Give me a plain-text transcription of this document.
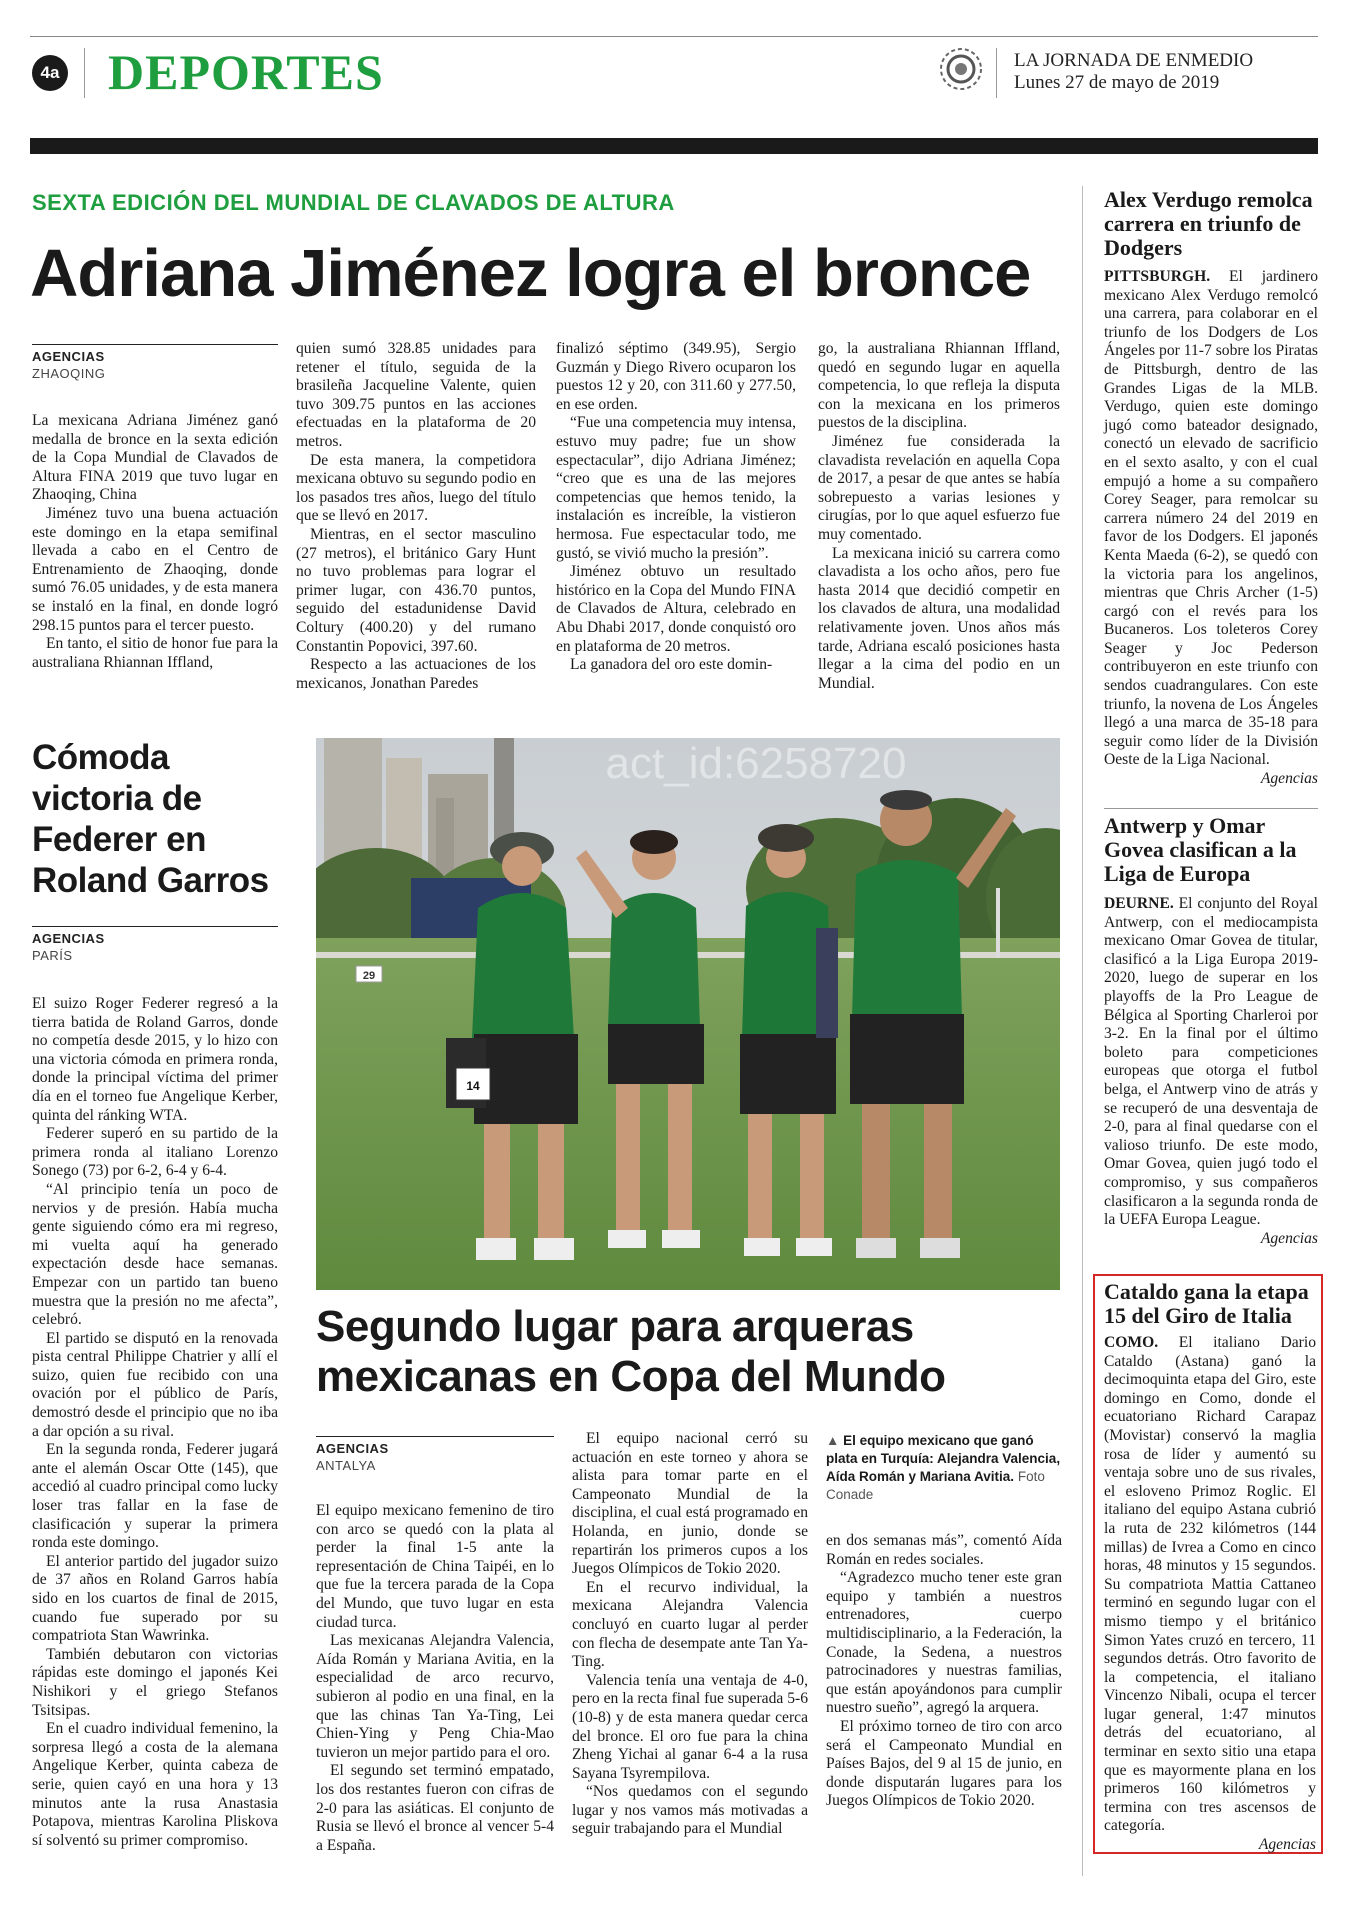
4a DEPORTES	LA JORNADA DE ENMEDIO
Lunes 27 de mayo de 2019
SEXTA EDICIÓN DEL MUNDIAL DE CLAVADOS DE ALTURA
Adriana Jiménez logra el bronce
AGENCIAS
ZHAOQING

La mexicana Adriana Jiménez ganó medalla de bronce en la sexta edición de la Copa Mundial de Clavados de Altura FINA 2019 que tuvo lugar en Zhaoqing, China

Jiménez tuvo una buena actuación este domingo en la etapa semifinal llevada a cabo en el Centro de Entrenamiento de Zhaoqing, donde sumó 76.05 unidades, y de esta manera se instaló en la final, en donde logró 298.15 puntos para el tercer puesto.

En tanto, el sitio de honor fue para la australiana Rhiannan Iffland,

quien sumó 328.85 unidades para retener el título, seguida de la brasileña Jacqueline Valente, quien tuvo 309.75 puntos en las acciones efectuadas en la plataforma de 20 metros.

De esta manera, la competidora mexicana obtuvo su segundo podio en los pasados tres años, luego del título que se llevó en 2017.

Mientras, en el sector masculino (27 metros), el británico Gary Hunt no tuvo problemas para lograr el primer lugar, con 436.70 puntos, seguido del estadunidense David Coltury (400.20) y del rumano Constantin Popovici, 397.60.

Respecto a las actuaciones de los mexicanos, Jonathan Paredes

finalizó séptimo (349.95), Sergio Guzmán y Diego Rivero ocuparon los puestos 12 y 20, con 311.60 y 277.50, en ese orden.

“Fue una competencia muy intensa, estuvo muy padre; fue un show espectacular”, dijo Adriana Jiménez; “creo que es una de las mejores competencias que hemos tenido, la instalación es increíble, la vistieron hermosa. Fue espectacular todo, me gustó, se vivió mucho la presión”.

Jiménez obtuvo un resultado histórico en la Copa del Mundo FINA de Clavados de Altura, celebrado en Abu Dhabi 2017, donde conquistó oro en plataforma de 20 metros.

La ganadora del oro este domin-

go, la australiana Rhiannan Iffland, quedó en segundo lugar en aquella competencia, lo que refleja la disputa con la mexicana en los primeros puestos de la disciplina.

Jiménez fue considerada la clavadista revelación en aquella Copa de 2017, a pesar de que antes se había sobrepuesto a varias lesiones y cirugías, por lo que aquel esfuerzo fue muy comentado.

La mexicana inició su carrera como clavadista a los ocho años, pero fue hasta 2014 que decidió competir en los clavados de altura, una modalidad relativamente joven. Unos años más tarde, Adriana escaló posiciones hasta llegar a la cima del podio en un Mundial.

Cómoda victoria de Federer en Roland Garros
AGENCIAS
PARÍS

El suizo Roger Federer regresó a la tierra batida de Roland Garros, donde no competía desde 2015, y lo hizo con una victoria cómoda en primera ronda, donde la principal víctima del primer día en el torneo fue Angelique Kerber, quinta del ránking WTA.

Federer superó en su partido de la primera ronda al italiano Lorenzo Sonego (73) por 6-2, 6-4 y 6-4.

“Al principio tenía un poco de nervios y de presión. Había mucha gente siguiendo cómo era mi regreso, mi vuelta aquí ha generado expectación desde hace semanas. Empezar con un partido tan bueno muestra que la presión no me afecta”, celebró.

El partido se disputó en la renovada pista central Philippe Chatrier y allí el suizo, quien fue recibido con una ovación por el público de París, demostró desde el principio que no iba a dar opción a su rival.

En la segunda ronda, Federer jugará ante el alemán Oscar Otte (145), que accedió al cuadro principal como lucky loser tras fallar en la fase de clasificación y superar la primera ronda este domingo.

El anterior partido del jugador suizo de 37 años en Roland Garros había sido en los cuartos de final de 2015, cuando fue superado por su compatriota Stan Wawrinka.

También debutaron con victorias rápidas este domingo el japonés Kei Nishikori y el griego Stefanos Tsitsipas.

En el cuadro individual femenino, la sorpresa llegó a costa de la alemana Angelique Kerber, quinta cabeza de serie, quien cayó en una hora y 13 minutos ante la rusa Anastasia Potapova, mientras Karolina Pliskova sí solventó su primer compromiso.

29
14
act_id:6258720
Segundo lugar para arqueras mexicanas en Copa del Mundo
AGENCIAS
ANTALYA

El equipo mexicano femenino de tiro con arco se quedó con la plata al perder la final 1-5 ante la representación de China Taipéi, en lo que fue la tercera parada de la Copa del Mundo, que tuvo lugar en esta ciudad turca.

Las mexicanas Alejandra Valencia, Aída Román y Mariana Avitia, en la especialidad de arco recurvo, subieron al podio en una final, en la que las chinas Tan Ya-Ting, Lei Chien-Ying y Peng Chia-Mao tuvieron un mejor partido para el oro.

El segundo set terminó empatado, los dos restantes fueron con cifras de 2-0 para las asiáticas. El conjunto de Rusia se llevó el bronce al vencer 5-4 a España.

El equipo nacional cerró su actuación en este torneo y ahora se alista para tomar parte en el Campeonato Mundial de la disciplina, el cual está programado en Holanda, en junio, donde se repartirán los primeros cupos a los Juegos Olímpicos de Tokio 2020.

En el recurvo individual, la mexicana Alejandra Valencia concluyó en cuarto lugar al perder con flecha de desempate ante Tan Ya-Ting.

Valencia tenía una ventaja de 4-0, pero en la recta final fue superada 5-6 (10-8) y de esta manera quedar cerca del bronce. El oro fue para la china Zheng Yichai al ganar 6-4 a la rusa Sayana Tsyrempilova.

“Nos quedamos con el segundo lugar y nos vamos más motivadas a seguir trabajando para el Mundial

▲ El equipo mexicano que ganó plata en Turquía: Alejandra Valencia, Aída Román y Mariana Avitia. Foto Conade

en dos semanas más”, comentó Aída Román en redes sociales.

“Agradezco mucho tener este gran equipo y también a nuestros entrenadores, cuerpo multidisciplinario, a la Federación, la Conade, la Sedena, a nuestros patrocinadores y nuestras familias, que están apoyándonos para cumplir nuestro sueño”, agregó la arquera.

El próximo torneo de tiro con arco será el Campeonato Mundial en Países Bajos, del 9 al 15 de junio, en donde disputarán lugares para los Juegos Olímpicos de Tokio 2020.

Alex Verdugo remolca carrera en triunfo de Dodgers

PITTSBURGH. El jardinero mexicano Alex Verdugo remolcó una carrera, para colaborar en el triunfo de los Dodgers de Los Ángeles por 11-7 sobre los Piratas de Pittsburgh, dentro de las Grandes Ligas de la MLB. Verdugo, quien este domingo jugó como bateador designado, conectó un elevado de sacrificio en el sexto asalto, y con el cual empujó a home a su compañero Corey Seager, para remolcar su carrera número 24 del 2019 en favor de los Dodgers. El japonés Kenta Maeda (6-2), se quedó con la victoria para los angelinos, mientras que Chris Archer (1-5) cargó con el revés para los Bucaneros. Los toleteros Corey Seager y Joc Pederson contribuyeron en este triunfo con sendos cuadrangulares. Con este triunfo, la novena de Los Ángeles llegó a una marca de 35-18 para seguir como líder de la División Oeste de la Liga Nacional.

Agencias

Antwerp y Omar Govea clasifican a la Liga de Europa

DEURNE. El conjunto del Royal Antwerp, con el mediocampista mexicano Omar Govea de titular, clasificó a la Liga Europa 2019-2020, luego de superar en los playoffs de la Pro League de Bélgica al Sporting Charleroi por 3-2. En la final por el último boleto para competiciones europeas que otorga el futbol belga, el Antwerp vino de atrás y se recuperó de una desventaja de 2-0, para al final quedarse con el valioso triunfo. De este modo, Omar Govea, quien jugó todo el compromiso, y sus compañeros clasificaron a la segunda ronda de la UEFA Europa League.

Agencias

Cataldo gana la etapa 15 del Giro de Italia

COMO. El italiano Dario Cataldo (Astana) ganó la decimoquinta etapa del Giro, este domingo en Como, donde el ecuatoriano Richard Carapaz (Movistar) conservó la maglia rosa de líder y aumentó su ventaja sobre uno de sus rivales, el esloveno Primoz Roglic. El italiano del equipo Astana cubrió la ruta de 232 kilómetros (144 millas) de Ivrea a Como en cinco horas, 48 minutos y 15 segundos. Su compatriota Mattia Cattaneo terminó en segundo lugar con el mismo tiempo y el británico Simon Yates cruzó en tercero, 11 segundos detrás. Otro favorito de la competencia, el italiano Vincenzo Nibali, ocupa el tercer lugar general, 1:47 minutos detrás del ecuatoriano, al terminar en sexto sitio una etapa que es mayormente plana en los primeros 160 kilómetros y termina con tres ascensos de categoría.

Agencias
